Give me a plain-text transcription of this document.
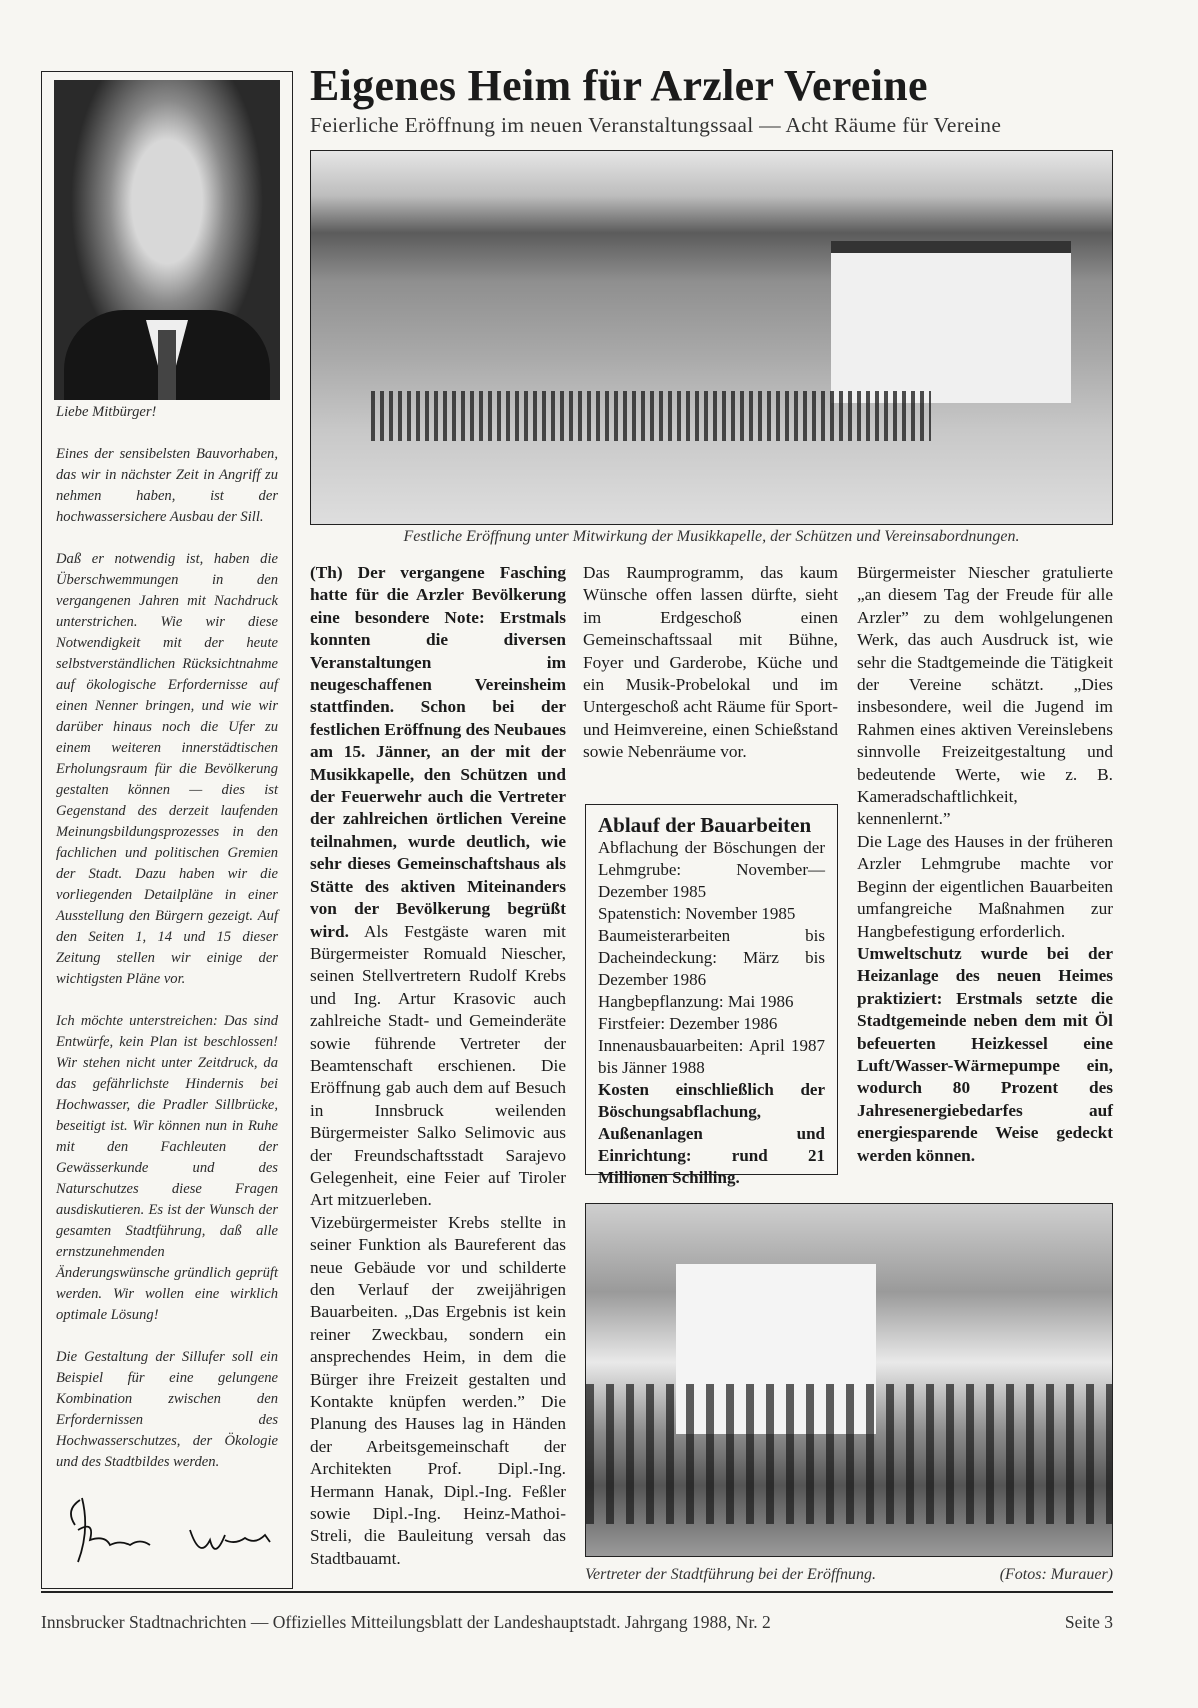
Liebe Mitbürger!

Eines der sensibelsten Bauvorhaben, das wir in nächster Zeit in Angriff zu nehmen haben, ist der hochwassersichere Ausbau der Sill.

Daß er notwendig ist, haben die Überschwemmungen in den vergangenen Jahren mit Nachdruck unterstrichen. Wie wir diese Notwendigkeit mit der heute selbstverständlichen Rücksichtnahme auf ökologische Erfordernisse auf einen Nenner bringen, und wie wir darüber hinaus noch die Ufer zu einem weiteren innerstädtischen Erholungsraum für die Bevölkerung gestalten können — dies ist Gegenstand des derzeit laufenden Meinungsbildungsprozesses in den fachlichen und politischen Gremien der Stadt. Dazu haben wir die vorliegenden Detailpläne in einer Ausstellung den Bürgern gezeigt. Auf den Seiten 1, 14 und 15 dieser Zeitung stellen wir einige der wichtigsten Pläne vor.

Ich möchte unterstreichen: Das sind Entwürfe, kein Plan ist beschlossen! Wir stehen nicht unter Zeitdruck, da das gefährlichste Hindernis bei Hochwasser, die Pradler Sillbrücke, beseitigt ist. Wir können nun in Ruhe mit den Fachleuten der Gewässerkunde und des Naturschutzes diese Fragen ausdiskutieren. Es ist der Wunsch der gesamten Stadtführung, daß alle ernstzunehmenden Änderungswünsche gründlich geprüft werden. Wir wollen eine wirklich optimale Lösung!

Die Gestaltung der Sillufer soll ein Beispiel für eine gelungene Kombination zwischen den Erfordernissen des Hochwasserschutzes, der Ökologie und des Stadtbildes werden.

Eigenes Heim für Arzler Vereine
Feierliche Eröffnung im neuen Veranstaltungssaal — Acht Räume für Vereine
Festliche Eröffnung unter Mitwirkung der Musikkapelle, der Schützen und Vereinsabordnungen.
(Th) Der vergangene Fasching hatte für die Arzler Bevölkerung eine besondere Note: Erstmals konnten die diversen Veranstaltungen im neugeschaffenen Vereinsheim stattfinden. Schon bei der festlichen Eröffnung des Neubaues am 15. Jänner, an der mit der Musikkapelle, den Schützen und der Feuerwehr auch die Vertreter der zahlreichen örtlichen Vereine teilnahmen, wurde deutlich, wie sehr dieses Gemeinschaftshaus als Stätte des aktiven Miteinanders von der Bevölkerung begrüßt wird. Als Festgäste waren mit Bürgermeister Romuald Niescher, seinen Stellvertretern Rudolf Krebs und Ing. Artur Krasovic auch zahlreiche Stadt- und Gemeinderäte sowie führende Vertreter der Beamtenschaft erschienen. Die Eröffnung gab auch dem auf Besuch in Innsbruck weilenden Bürgermeister Salko Selimovic aus der Freundschaftsstadt Sarajevo Gelegenheit, eine Feier auf Tiroler Art mitzuerleben.
Vizebürgermeister Krebs stellte in seiner Funktion als Baureferent das neue Gebäude vor und schilderte den Verlauf der zweijährigen Bauarbeiten. „Das Ergebnis ist kein reiner Zweckbau, sondern ein ansprechendes Heim, in dem die Bürger ihre Freizeit gestalten und Kontakte knüpfen werden.” Die Planung des Hauses lag in Händen der Arbeitsgemeinschaft der Architekten Prof. Dipl.-Ing. Hermann Hanak, Dipl.-Ing. Feßler sowie Dipl.-Ing. Heinz-Mathoi-Streli, die Bauleitung versah das Stadtbauamt.
Das Raumprogramm, das kaum Wünsche offen lassen dürfte, sieht im Erdgeschoß einen Gemeinschaftssaal mit Bühne, Foyer und Garderobe, Küche und ein Musik-Probelokal und im Untergeschoß acht Räume für Sport- und Heimvereine, einen Schießstand sowie Nebenräume vor.
Ablauf der Bauarbeiten
Abflachung der Böschungen der Lehmgrube: November—Dezember 1985
Spatenstich: November 1985
Baumeisterarbeiten bis Dacheindeckung: März bis Dezember 1986
Hangbepflanzung: Mai 1986
Firstfeier: Dezember 1986
Innenausbauarbeiten: April 1987 bis Jänner 1988
Kosten einschließlich der Böschungsabflachung, Außenanlagen und Einrichtung: rund 21 Millionen Schilling.
Bürgermeister Niescher gratulierte „an diesem Tag der Freude für alle Arzler” zu dem wohlgelungenen Werk, das auch Ausdruck ist, wie sehr die Stadtgemeinde die Tätigkeit der Vereine schätzt. „Dies insbesondere, weil die Jugend im Rahmen eines aktiven Vereinslebens sinnvolle Freizeitgestaltung und bedeutende Werte, wie z. B. Kameradschaftlichkeit, kennenlernt.”
Die Lage des Hauses in der früheren Arzler Lehmgrube machte vor Beginn der eigentlichen Bauarbeiten umfangreiche Maßnahmen zur Hangbefestigung erforderlich.
Umweltschutz wurde bei der Heizanlage des neuen Heimes praktiziert: Erstmals setzte die Stadtgemeinde neben dem mit Öl befeuerten Heizkessel eine Luft/Wasser-Wärmepumpe ein, wodurch 80 Prozent des Jahresenergiebedarfes auf energiesparende Weise gedeckt werden können.
Vertreter der Stadtführung bei der Eröffnung.	(Fotos: Murauer)
Innsbrucker Stadtnachrichten — Offizielles Mitteilungsblatt der Landeshauptstadt. Jahrgang 1988, Nr. 2	Seite 3
